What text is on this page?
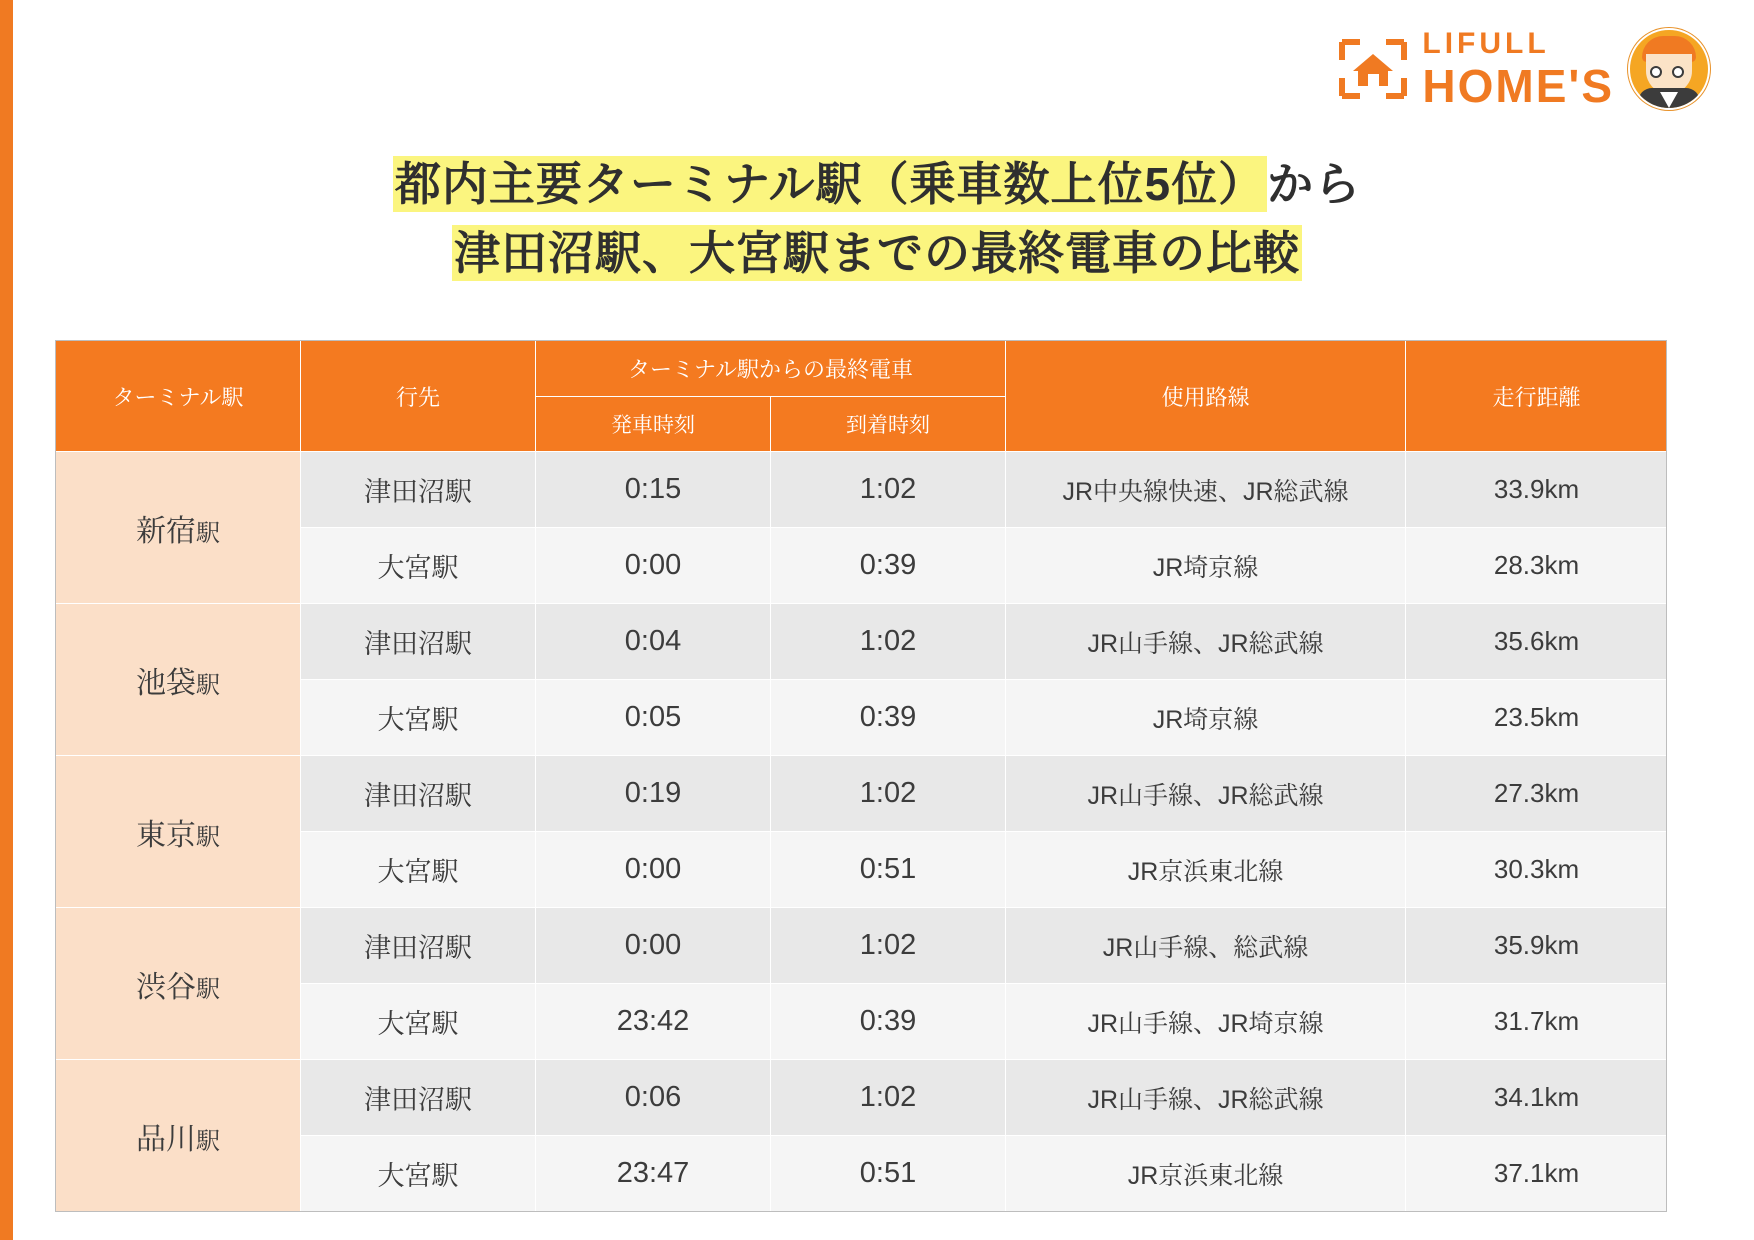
LIFULL
HOME'S
都内主要ターミナル駅（乗車数上位5位）から
津田沼駅、大宮駅までの最終電車の比較
ターミナル駅	行先	ターミナル駅からの最終電車		使用路線	走行距離
		発車時刻	到着時刻		
新宿駅	津田沼駅	0:15	1:02	JR中央線快速、JR総武線	33.9km
	大宮駅	0:00	0:39	JR埼京線	28.3km
池袋駅	津田沼駅	0:04	1:02	JR山手線、JR総武線	35.6km
	大宮駅	0:05	0:39	JR埼京線	23.5km
東京駅	津田沼駅	0:19	1:02	JR山手線、JR総武線	27.3km
	大宮駅	0:00	0:51	JR京浜東北線	30.3km
渋谷駅	津田沼駅	0:00	1:02	JR山手線、総武線	35.9km
	大宮駅	23:42	0:39	JR山手線、JR埼京線	31.7km
品川駅	津田沼駅	0:06	1:02	JR山手線、JR総武線	34.1km
	大宮駅	23:47	0:51	JR京浜東北線	37.1km
